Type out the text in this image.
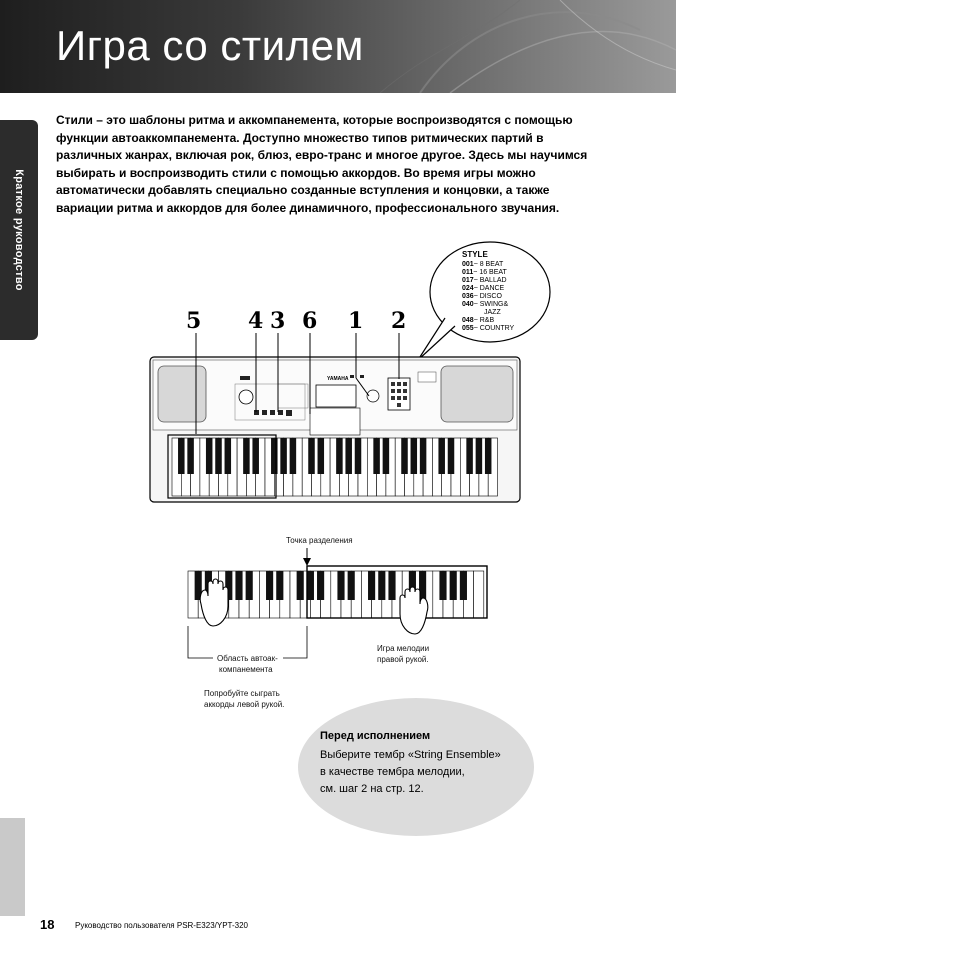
Игра со стилем
Краткое руководство

Стили – это шаблоны ритма и аккомпанемента, которые воспроизводятся с помощью

функции автоаккомпанемента. Доступно множество типов ритмических партий в

различных жанрах, включая рок, блюз, евро-транс и многое другое. Здесь мы научимся

выбирать и воспроизводить стили с помощью аккордов. Во время игры можно

автоматически добавлять специально созданные вступления и концовки, а также

вариации ритма и аккордов для более динамичного, профессионального звучания.

YAMAHA
5 4 3 6 1 2
STYLE
001~ 8 BEAT
011~ 16 BEAT
017~ BALLAD
024~ DANCE
036~ DISCO
040~ SWING&
JAZZ
048~ R&B
055~ COUNTRY
Точка разделения
Область автоак-
компанемента
Игра мелодии
правой рукой.
Попробуйте сыграть
аккорды левой рукой.
Перед исполнением
Выберите тембр «String Ensemble»
в качестве тембра мелодии,
см. шаг 2 на стр. 12.
18	Руководство пользователя PSR-E323/YPT-320
